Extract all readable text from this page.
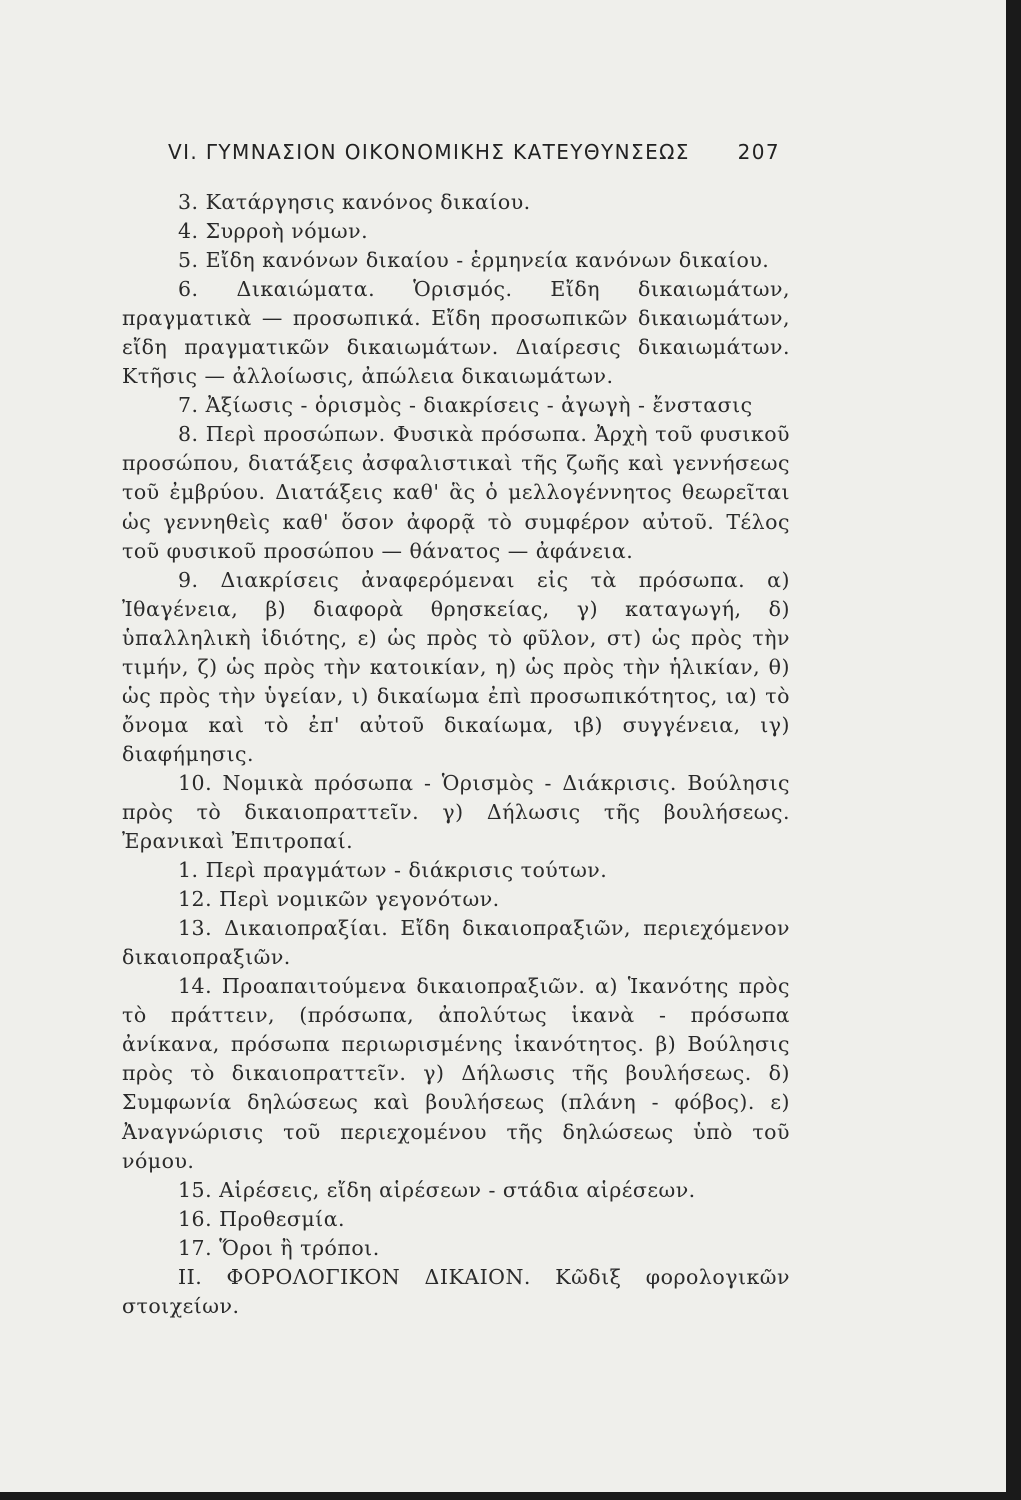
VI. ΓΥΜΝΑΣΙΟΝ ΟΙΚΟΝΟΜΙΚΗΣ ΚΑΤΕΥΘΥΝΣΕΩΣ 207

3. Κατάργησις κανόνος δικαίου.

4. Συρροὴ νόμων.

5. Εἴδη κανόνων δικαίου - ἑρμηνεία κανόνων δικαίου.

6. Δικαιώματα. Ὁρισμός. Εἴδη δικαιωμάτων, πραγματικὰ — προσωπικά. Εἴδη προσωπικῶν δικαιωμάτων, εἴδη πραγματικῶν δικαιωμάτων. Διαίρεσις δικαιωμάτων. Κτῆσις — ἀλλοίωσις, ἀπώλεια δικαιωμάτων.

7. Ἀξίωσις - ὁρισμὸς - διακρίσεις - ἀγωγὴ - ἔνστασις

8. Περὶ προσώπων. Φυσικὰ πρόσωπα. Ἀρχὴ τοῦ φυσικοῦ προσώπου, διατάξεις ἀσφαλιστικαὶ τῆς ζωῆς καὶ γεννήσεως τοῦ ἐμβρύου. Διατάξεις καθ' ἃς ὁ μελλογέννητος θεωρεῖται ὡς γεννηθεὶς καθ' ὅσον ἀφορᾷ τὸ συμφέρον αὐτοῦ. Τέλος τοῦ φυσικοῦ προσώπου — θάνατος — ἀφάνεια.

9. Διακρίσεις ἀναφερόμεναι εἰς τὰ πρόσωπα. α) Ἰθαγένεια, β) διαφορὰ θρησκείας, γ) καταγωγή, δ) ὑπαλληλικὴ ἰδιότης, ε) ὡς πρὸς τὸ φῦλον, στ) ὡς πρὸς τὴν τιμήν, ζ) ὡς πρὸς τὴν κατοικίαν, η) ὡς πρὸς τὴν ἡλικίαν, θ) ὡς πρὸς τὴν ὑγείαν, ι) δικαίωμα ἐπὶ προσωπικότητος, ια) τὸ ὄνομα καὶ τὸ ἐπ' αὐτοῦ δικαίωμα, ιβ) συγγένεια, ιγ) διαφήμησις.

10. Νομικὰ πρόσωπα - Ὁρισμὸς - Διάκρισις. Βούλησις πρὸς τὸ δικαιοπραττεῖν. γ) Δήλωσις τῆς βουλήσεως. Ἐρανικαὶ Ἐπιτροπαί.

1. Περὶ πραγμάτων - διάκρισις τούτων.

12. Περὶ νομικῶν γεγονότων.

13. Δικαιοπραξίαι. Εἴδη δικαιοπραξιῶν, περιεχόμενον δικαιοπραξιῶν.

14. Προαπαιτούμενα δικαιοπραξιῶν. α) Ἱκανότης πρὸς τὸ πράττειν, (πρόσωπα, ἀπολύτως ἱκανὰ - πρόσωπα ἀνίκανα, πρόσωπα περιωρισμένης ἱκανότητος. β) Βούλησις πρὸς τὸ δικαιοπραττεῖν. γ) Δήλωσις τῆς βουλήσεως. δ) Συμφωνία δηλώσεως καὶ βουλήσεως (πλάνη - φόβος). ε) Ἀναγνώρισις τοῦ περιεχομένου τῆς δηλώσεως ὑπὸ τοῦ νόμου.

15. Αἱρέσεις, εἴδη αἱρέσεων - στάδια αἱρέσεων.

16. Προθεσμία.

17. Ὅροι ἢ τρόποι.

II. ΦΟΡΟΛΟΓΙΚΟΝ ΔΙΚΑΙΟΝ. Κῶδιξ φορολογικῶν στοιχείων.
